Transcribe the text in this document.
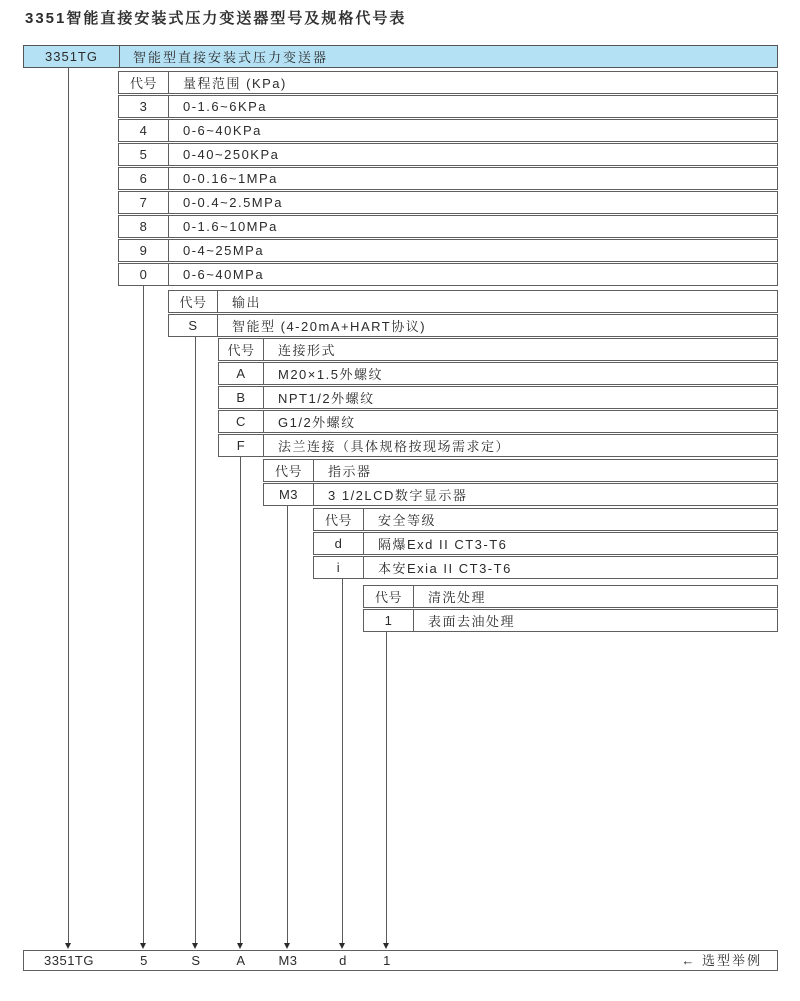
3351智能直接安装式压力变送器型号及规格代号表
3351TG	智能型直接安装式压力变送器
代号	量程范围 (KPa)
3	0-1.6~6KPa
4	0-6~40KPa
5	0-40~250KPa
6	0-0.16~1MPa
7	0-0.4~2.5MPa
8	0-1.6~10MPa
9	0-4~25MPa
0	0-6~40MPa
代号	输出
S	智能型 (4-20mA+HART协议)
代号	连接形式
A	M20×1.5外螺纹
B	NPT1/2外螺纹
C	G1/2外螺纹
F	法兰连接（具体规格按现场需求定）
代号	指示器
M3	3 1/2LCD数字显示器
代号	安全等级
d	隔爆Exd II CT3-T6
i	本安Exia II CT3-T6
代号	清洗处理
1	表面去油处理
3351TG	5	S	A	M3	d	1	← 选型举例
